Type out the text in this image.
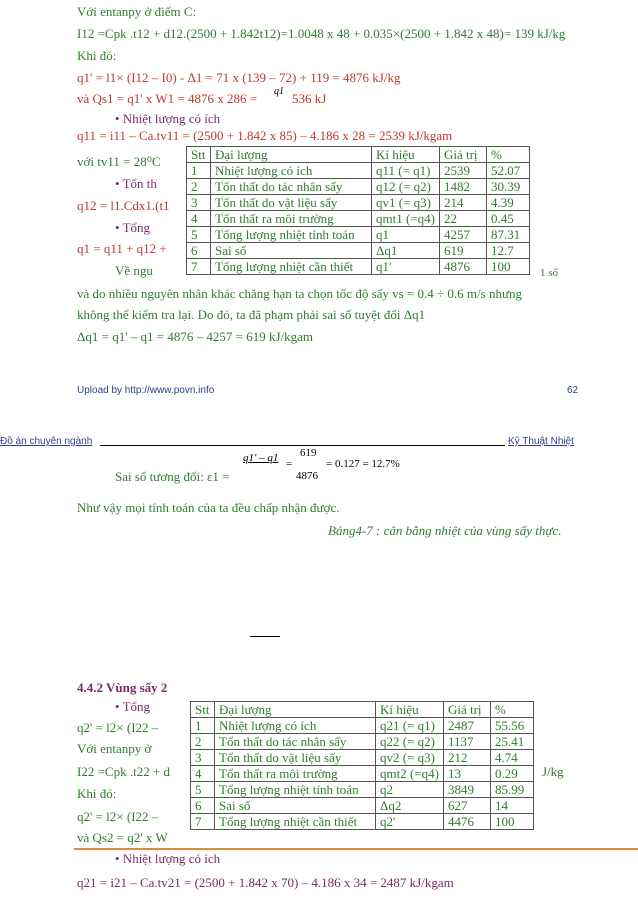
Với entanpy ở điểm C:
I12 =Cpk .t12 + d12.(2500 + 1.842t12)=1.0048 x 48 + 0.035×(2500 + 1.842 x 48)= 139 kJ/kg
Khi đó:
q1' = l1× (I12 – I0) - Δ1 = 71 x (139 – 72) + 119 = 4876 kJ/kg
và Qs1 = q1' x W1 = 4876 x 286 = q1 536 kJ
• Nhiệt lượng có ích
q11 = i11 – Ca.tv11 = (2500 + 1.842 x 85) – 4.186 x 28 = 2539 kJ/kgam
với tv11 = 28⁰C
• Tổn th
q12 = l1.Cdx1.(t1
• Tổng
q1 = q11 + q12 +
Về ngu	1 số
và do nhiều nguyên nhân khác chăng hạn ta chọn tốc độ sấy vs = 0.4 ÷ 0.6 m/s nhưng
không thể kiểm tra lại. Do đó, ta đã phạm phải sai số tuyệt đối Δq1
Δq1 = q1' – q1 = 4876 – 4257 = 619 kJ/kgam
Stt	Đại lượng	Kí hiệu	Giá trị	%
1	Nhiệt lượng có ích	q11 (= q1)	2539	52.07
2	Tổn thất do tác nhân sấy	q12 (= q2)	1482	30.39
3	Tổn thất do vật liệu sấy	qv1 (= q3)	214	4.39
4	Tổn thất ra môi trường	qmt1 (=q4)	22	0.45
5	Tổng lượng nhiệt tính toán	q1	4257	87.31
6	Sai số	Δq1	619	12.7
7	Tổng lượng nhiệt cần thiết	q1'	4876	100
Upload by http://www.povn.info	62
Đồ án chuyên ngành	Kỹ Thuật Nhiệt
Sai số tương đối: ε1 =
q1' – q1 =
619
4876
= 0.127 = 12.7%
Như vậy mọi tính toán của ta đều chấp nhận được.
Bảng4-7 : cân bằng nhiệt của vùng sấy thực.
4.4.2 Vùng sấy 2
• Tổng
q2' = l2× (I22 –
Với entanpy ở
I22 =Cpk .t22 + d
Khi đó:
q2' = l2× (I22 –
và Qs2 = q2' x W
J/kg
• Nhiệt lượng có ích
q21 = i21 – Ca.tv21 = (2500 + 1.842 x 70) – 4.186 x 34 = 2487 kJ/kgam
Stt	Đại lượng	Kí hiệu	Giá trị	%
1	Nhiệt lượng có ích	q21 (= q1)	2487	55.56
2	Tổn thất do tác nhân sấy	q22 (= q2)	1137	25.41
3	Tổn thất do vật liệu sấy	qv2 (= q3)	212	4.74
4	Tổn thất ra môi trường	qmt2 (=q4)	13	0.29
5	Tổng lượng nhiệt tính toán	q2	3849	85.99
6	Sai số	Δq2	627	14
7	Tổng lượng nhiệt cần thiết	q2'	4476	100
